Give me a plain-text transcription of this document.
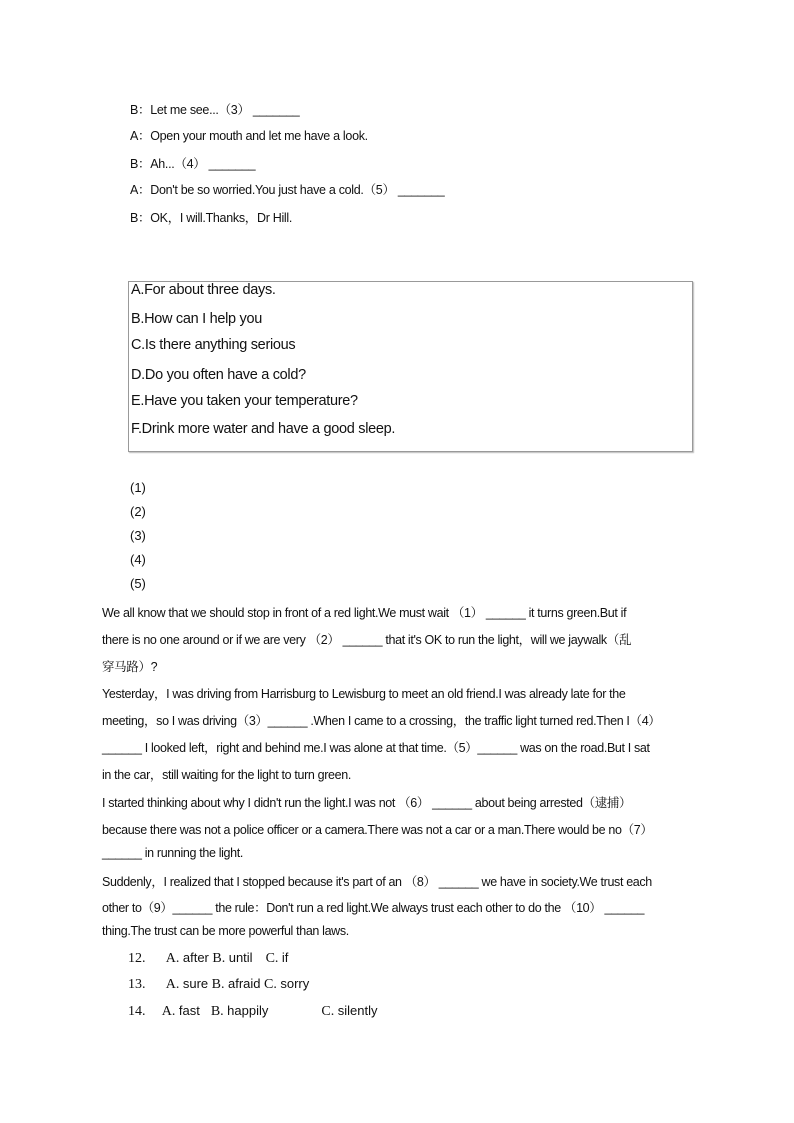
B：Let me see...（3） _______
A：Open your mouth and let me have a look.
B：Ah...（4） _______
A：Don't be so worried.You just have a cold.（5） _______
B：OK，I will.Thanks，Dr Hill.
A.For about three days.
B.How can I help you
C.Is there anything serious
D.Do you often have a cold?
E.Have you taken your temperature?
F.Drink more water and have a good sleep.
(1)
(2)
(3)
(4)
(5)
We all know that we should stop in front of a red light.We must wait （1） ______ it turns green.But if
there is no one around or if we are very （2） ______ that it's OK to run the light，will we jaywalk（乱
穿马路）?
Yesterday，I was driving from Harrisburg to Lewisburg to meet an old friend.I was already late for the
meeting，so I was driving（3）______ .When I came to a crossing，the traffic light turned red.Then I（4）
______ I looked left，right and behind me.I was alone at that time.（5）______ was on the road.But I sat
in the car，still waiting for the light to turn green.
I started thinking about why I didn't run the light.I was not （6） ______ about being arrested（逮捕）
because there was not a police officer or a camera.There was not a car or a man.There would be no（7）
______ in running the light.
Suddenly，I realized that I stopped because it's part of an （8） ______ we have in society.We trust each
other to（9）______ the rule：Don't run a red light.We always trust each other to do the （10） ______
thing.The trust can be more powerful than laws.
12. A. after B. until C. if
13. A. sure B. afraid C. sorry
14. A. fast B. happily	C. silently
